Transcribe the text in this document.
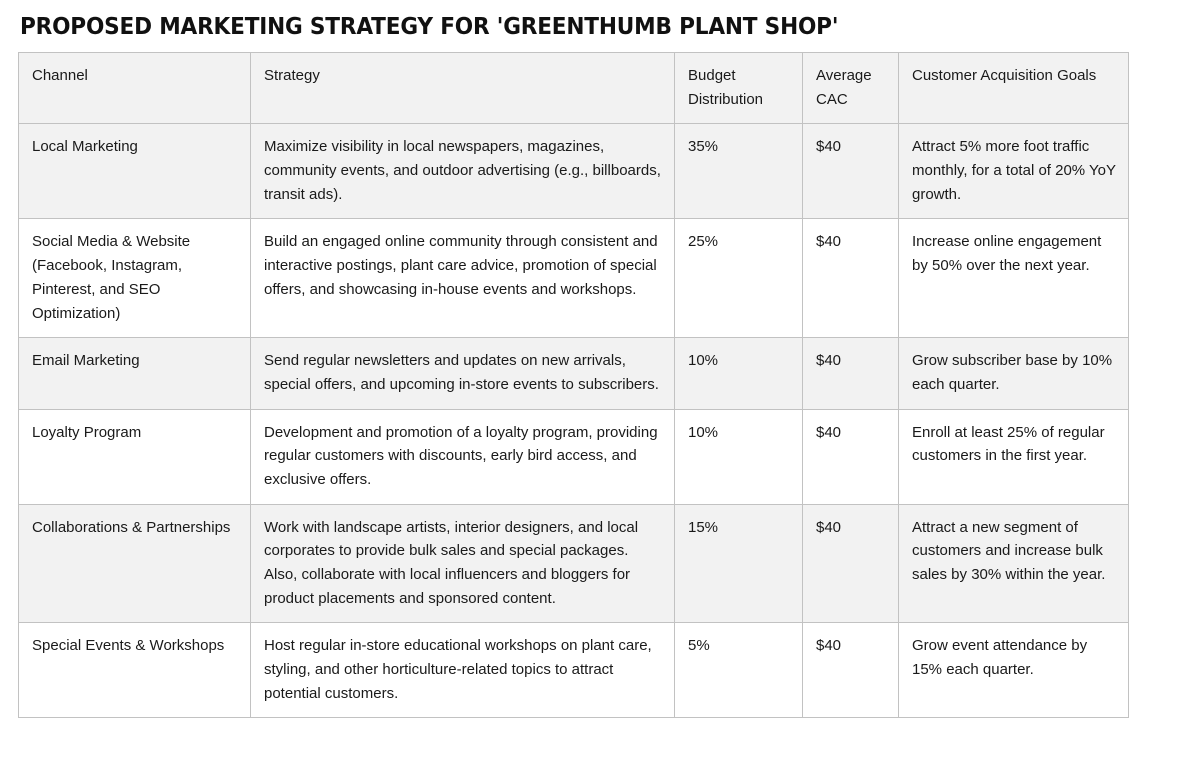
PROPOSED MARKETING STRATEGY FOR 'GREENTHUMB PLANT SHOP'
Channel	Strategy	Budget Distribution	Average CAC	Customer Acquisition Goals
Local Marketing	Maximize visibility in local newspapers, magazines, community events, and outdoor advertising (e.g., billboards, transit ads).	35%	$40	Attract 5% more foot traffic monthly, for a total of 20% YoY growth.
Social Media & Website (Facebook, Instagram, Pinterest, and SEO Optimization)	Build an engaged online community through consistent and interactive postings, plant care advice, promotion of special offers, and showcasing in-house events and workshops.	25%	$40	Increase online engagement by 50% over the next year.
Email Marketing	Send regular newsletters and updates on new arrivals, special offers, and upcoming in-store events to subscribers.	10%	$40	Grow subscriber base by 10% each quarter.
Loyalty Program	Development and promotion of a loyalty program, providing regular customers with discounts, early bird access, and exclusive offers.	10%	$40	Enroll at least 25% of regular customers in the first year.
Collaborations & Partnerships	Work with landscape artists, interior designers, and local corporates to provide bulk sales and special packages. Also, collaborate with local influencers and bloggers for product placements and sponsored content.	15%	$40	Attract a new segment of customers and increase bulk sales by 30% within the year.
Special Events & Workshops	Host regular in-store educational workshops on plant care, styling, and other horticulture-related topics to attract potential customers.	5%	$40	Grow event attendance by 15% each quarter.
